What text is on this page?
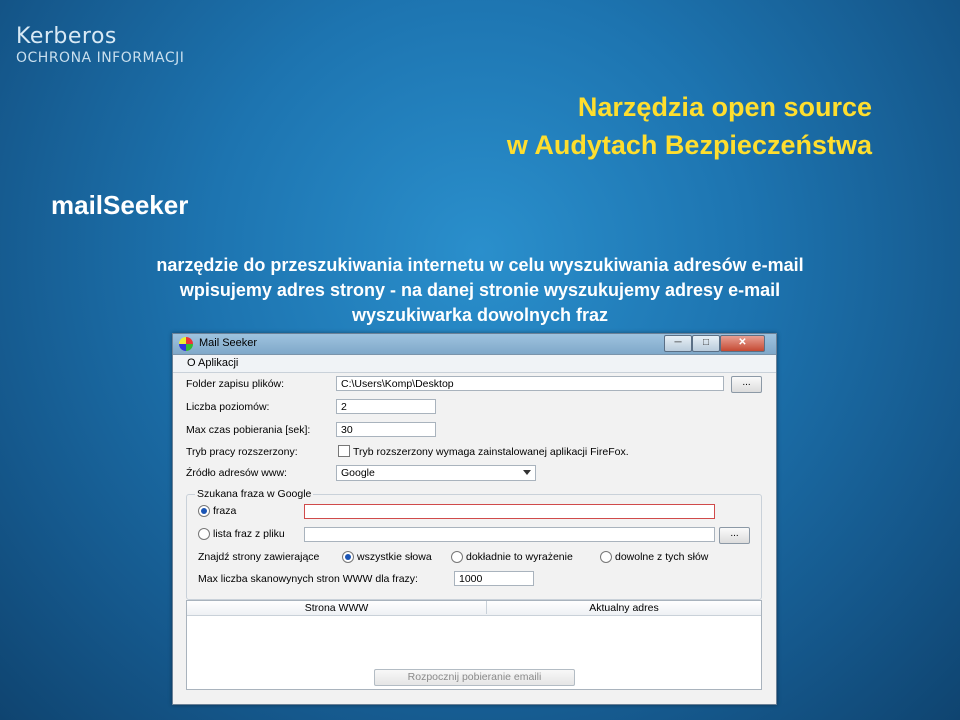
Kerberos
OCHRONA INFORMACJI
Narzędzia open source
w Audytach Bezpieczeństwa
mailSeeker
narzędzie do przeszukiwania internetu w celu wyszukiwania adresów e-mail
wpisujemy adres strony - na danej stronie wyszukujemy adresy e-mail
wyszukiwarka dowolnych fraz
Mail Seeker	─	□	✕
O Aplikacji
Folder zapisu plików:	C:\Users\Komp\Desktop	...
Liczba poziomów:	2
Max czas pobierania [sek]:	30
Tryb pracy rozszerzony:	Tryb rozszerzony wymaga zainstalowanej aplikacji FireFox.
Źródło adresów www:	Google
Szukana fraza w Google
fraza
lista fraz z pliku	...
Znajdź strony zawierające	wszystkie słowa	dokładnie to wyrażenie	dowolne z tych słów
Max liczba skanowynych stron WWW dla frazy:	1000
Strona WWW	Aktualny adres
Rozpocznij pobieranie emaili
